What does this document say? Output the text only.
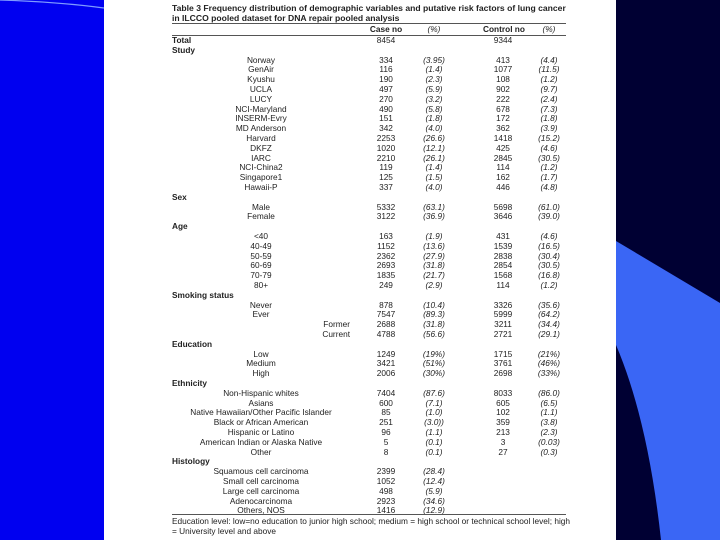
Table 3 Frequency distribution of demographic variables and putative risk factors of lung cancer in ILCCO pooled dataset for DNA repair pooled analysis
Case no	(%)	Control no	(%)
Total	8454	9344
Study
Norway	334	(3.95)	413	(4.4)
GenAir	116	(1.4)	1077	(11.5)
Kyushu	190	(2.3)	108	(1.2)
UCLA	497	(5.9)	902	(9.7)
LUCY	270	(3.2)	222	(2.4)
NCI-Maryland	490	(5.8)	678	(7.3)
INSERM-Evry	151	(1.8)	172	(1.8)
MD Anderson	342	(4.0)	362	(3.9)
Harvard	2253	(26.6)	1418	(15.2)
DKFZ	1020	(12.1)	425	(4.6)
IARC	2210	(26.1)	2845	(30.5)
NCI-China2	119	(1.4)	114	(1.2)
Singapore1	125	(1.5)	162	(1.7)
Hawaii-P	337	(4.0)	446	(4.8)
Sex
Male	5332	(63.1)	5698	(61.0)
Female	3122	(36.9)	3646	(39.0)
Age
<40	163	(1.9)	431	(4.6)
40-49	1152	(13.6)	1539	(16.5)
50-59	2362	(27.9)	2838	(30.4)
60-69	2693	(31.8)	2854	(30.5)
70-79	1835	(21.7)	1568	(16.8)
80+	249	(2.9)	114	(1.2)
Smoking status
Never	878	(10.4)	3326	(35.6)
Ever	7547	(89.3)	5999	(64.2)
Former	2688	(31.8)	3211	(34.4)
Current	4788	(56.6)	2721	(29.1)
Education
Low	1249	(19%)	1715	(21%)
Medium	3421	(51%)	3761	(46%)
High	2006	(30%)	2698	(33%)
Ethnicity
Non-Hispanic whites	7404	(87.6)	8033	(86.0)
Asians	600	(7.1)	605	(6.5)
Native Hawaiian/Other Pacific Islander	85	(1.0)	102	(1.1)
Black or African American	251	(3.0))	359	(3.8)
Hispanic or Latino	96	(1.1)	213	(2.3)
American Indian or Alaska Native	5	(0.1)	3	(0.03)
Other	8	(0.1)	27	(0.3)
Histology
Squamous cell carcinoma	2399	(28.4)
Small cell carcinoma	1052	(12.4)
Large cell carcinoma	498	(5.9)
Adenocarcinoma	2923	(34.6)
Others, NOS	1416	(12.9)
Education level: low=no education to junior high school; medium = high school or technical school level; high = University level and above
